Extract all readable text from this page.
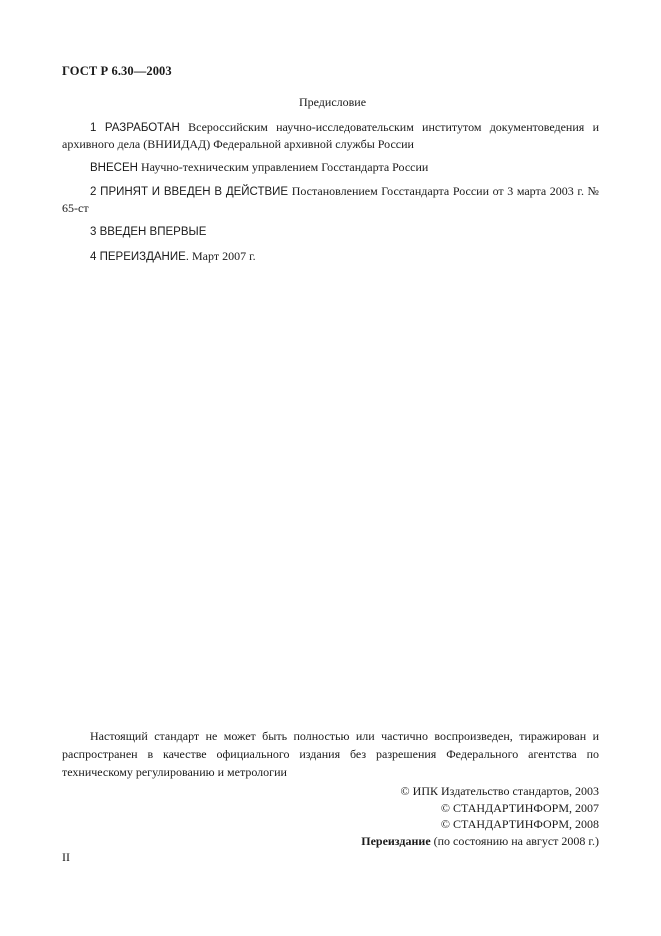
ГОСТ Р 6.30—2003
Предисловие

1 РАЗРАБОТАН Всероссийским научно-исследовательским институтом документоведения и архивного дела (ВНИИДАД) Федеральной архивной службы России

ВНЕСЕН Научно-техническим управлением Госстандарта России

2 ПРИНЯТ И ВВЕДЕН В ДЕЙСТВИЕ Постановлением Госстандарта России от 3 марта 2003 г. № 65-ст

3 ВВЕДЕН ВПЕРВЫЕ

4 ПЕРЕИЗДАНИЕ. Март 2007 г.

Настоящий стандарт не может быть полностью или частично воспроизведен, тиражирован и распространен в качестве официального издания без разрешения Федерального агентства по техническому регулированию и метрологии

© ИПК Издательство стандартов, 2003
© СТАНДАРТИНФОРМ, 2007
© СТАНДАРТИНФОРМ, 2008
Переиздание (по состоянию на август 2008 г.)
II
